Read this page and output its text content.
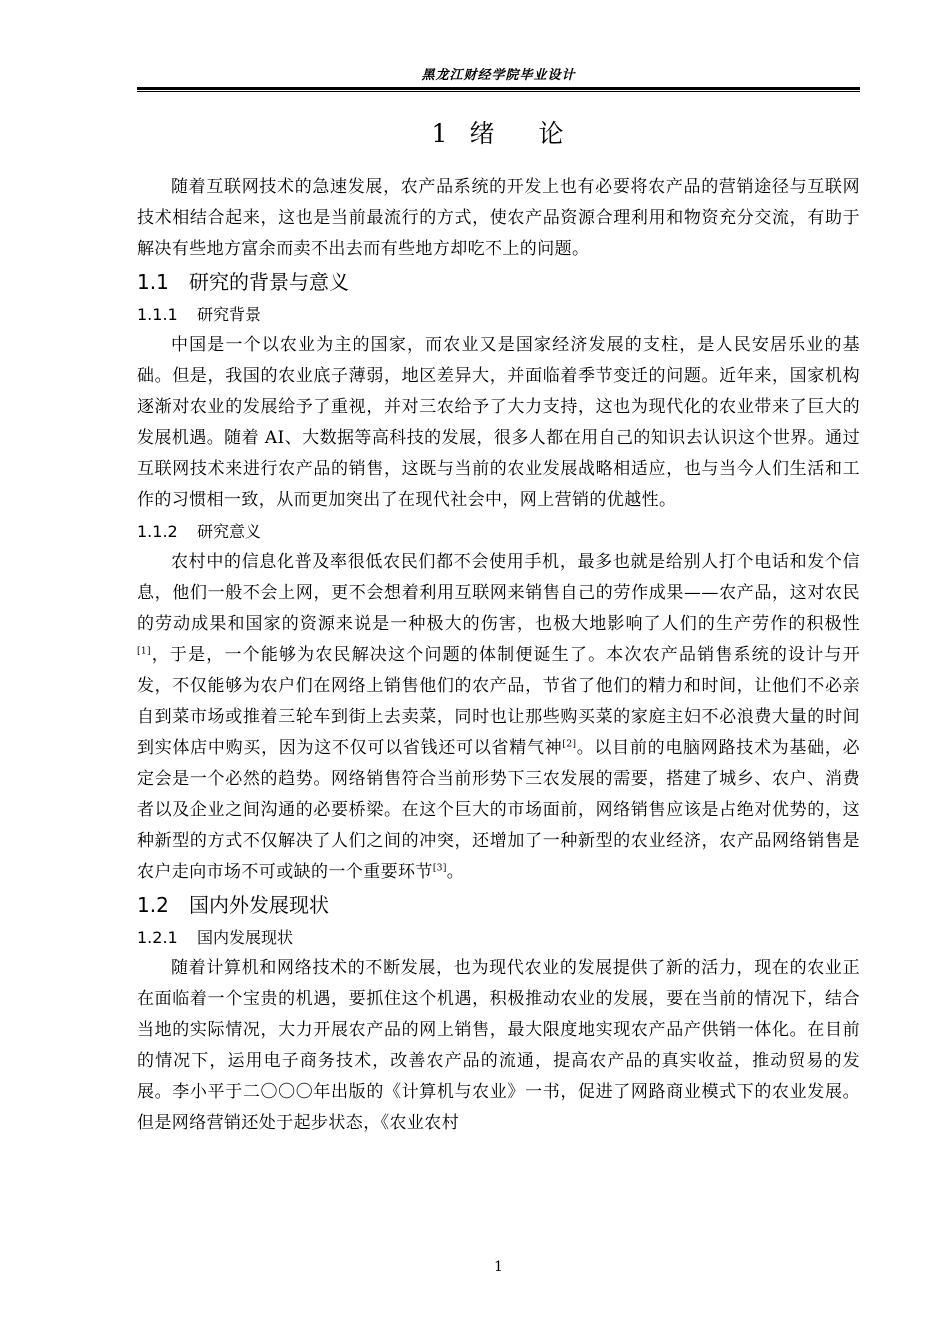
黑龙江财经学院毕业设计
1 绪 论

随着互联网技术的急速发展，农产品系统的开发上也有必要将农产品的营销途径与互联网技术相结合起来，这也是当前最流行的方式，使农产品资源合理利用和物资充分交流，有助于解决有些地方富余而卖不出去而有些地方却吃不上的问题。

1.1 研究的背景与意义
1.1.1 研究背景

中国是一个以农业为主的国家，而农业又是国家经济发展的支柱，是人民安居乐业的基础。但是，我国的农业底子薄弱，地区差异大，并面临着季节变迁的问题。近年来，国家机构逐渐对农业的发展给予了重视，并对三农给予了大力支持，这也为现代化的农业带来了巨大的发展机遇。随着 AI、大数据等高科技的发展，很多人都在用自己的知识去认识这个世界。通过互联网技术来进行农产品的销售，这既与当前的农业发展战略相适应，也与当今人们生活和工作的习惯相一致，从而更加突出了在现代社会中，网上营销的优越性。

1.1.2 研究意义

农村中的信息化普及率很低农民们都不会使用手机，最多也就是给别人打个电话和发个信息，他们一般不会上网，更不会想着利用互联网来销售自己的劳作成果——农产品，这对农民的劳动成果和国家的资源来说是一种极大的伤害，也极大地影响了人们的生产劳作的积极性[1]，于是，一个能够为农民解决这个问题的体制便诞生了。本次农产品销售系统的设计与开发，不仅能够为农户们在网络上销售他们的农产品，节省了他们的精力和时间，让他们不必亲自到菜市场或推着三轮车到街上去卖菜，同时也让那些购买菜的家庭主妇不必浪费大量的时间到实体店中购买，因为这不仅可以省钱还可以省精气神[2]。以目前的电脑网路技术为基础，必定会是一个必然的趋势。网络销售符合当前形势下三农发展的需要，搭建了城乡、农户、消费者以及企业之间沟通的必要桥梁。在这个巨大的市场面前，网络销售应该是占绝对优势的，这种新型的方式不仅解决了人们之间的冲突，还增加了一种新型的农业经济，农产品网络销售是农户走向市场不可或缺的一个重要环节[3]。

1.2 国内外发展现状
1.2.1 国内发展现状

随着计算机和网络技术的不断发展，也为现代农业的发展提供了新的活力，现在的农业正在面临着一个宝贵的机遇，要抓住这个机遇，积极推动农业的发展，要在当前的情况下，结合当地的实际情况，大力开展农产品的网上销售，最大限度地实现农产品产供销一体化。在目前的情况下，运用电子商务技术，改善农产品的流通，提高农产品的真实收益，推动贸易的发展。李小平于二〇〇〇年出版的《计算机与农业》一书，促进了网路商业模式下的农业发展。但是网络营销还处于起步状态，《农业农村

1
